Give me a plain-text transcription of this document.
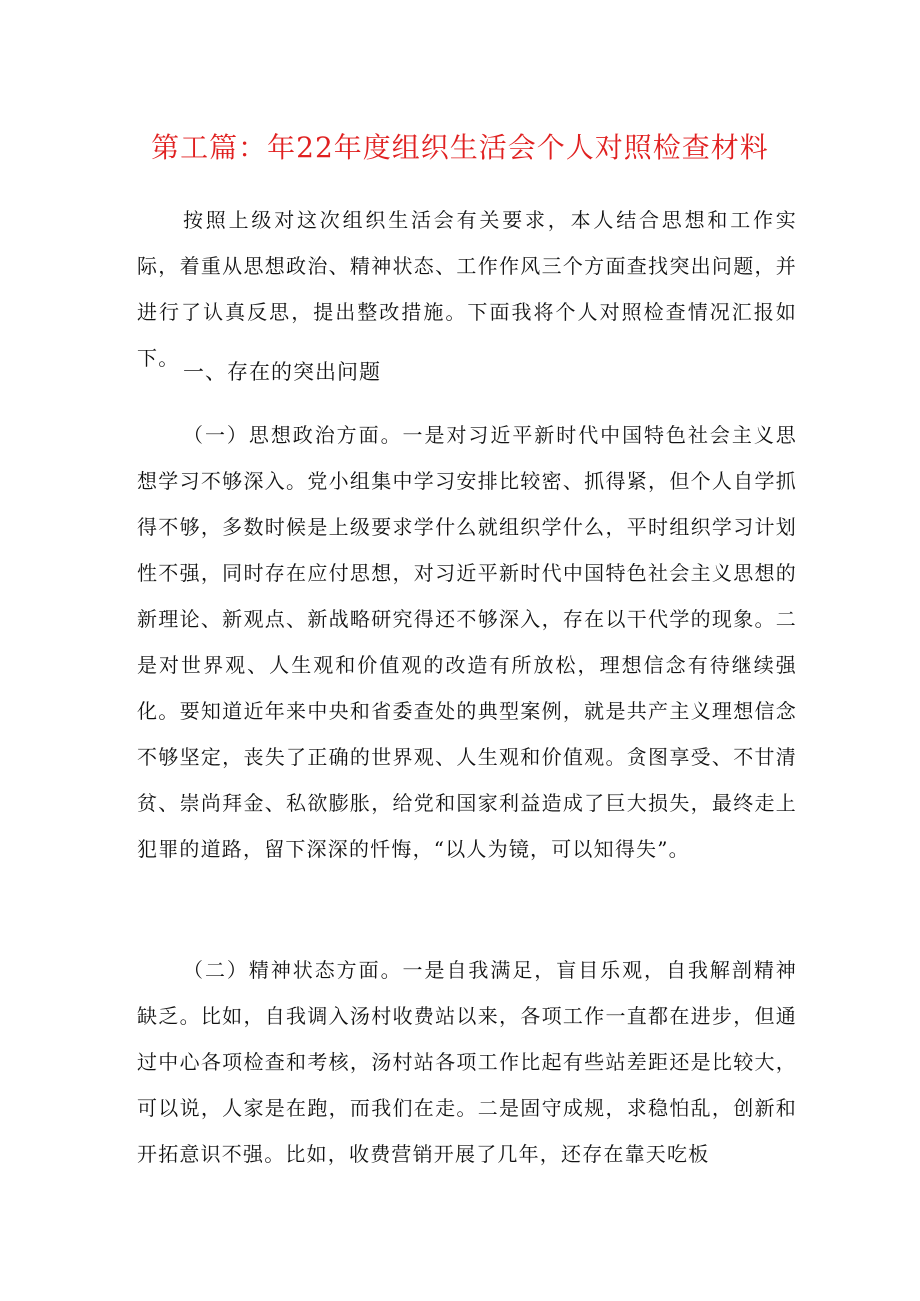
第工篇：年22年度组织生活会个人对照检查材料

按照上级对这次组织生活会有关要求，本人结合思想和工作实际，着重从思想政治、精神状态、工作作风三个方面查找突出问题，并进行了认真反思，提出整改措施。下面我将个人对照检查情况汇报如下。

一、存在的突出问题

（一）思想政治方面。一是对习近平新时代中国特色社会主义思想学习不够深入。党小组集中学习安排比较密、抓得紧，但个人自学抓得不够，多数时候是上级要求学什么就组织学什么，平时组织学习计划性不强，同时存在应付思想，对习近平新时代中国特色社会主义思想的新理论、新观点、新战略研究得还不够深入，存在以干代学的现象。二是对世界观、人生观和价值观的改造有所放松，理想信念有待继续强化。要知道近年来中央和省委查处的典型案例，就是共产主义理想信念不够坚定，丧失了正确的世界观、人生观和价值观。贪图享受、不甘清贫、崇尚拜金、私欲膨胀，给党和国家利益造成了巨大损失，最终走上犯罪的道路，留下深深的忏悔，“以人为镜，可以知得失”。

（二）精神状态方面。一是自我满足，盲目乐观，自我解剖精神缺乏。比如，自我调入汤村收费站以来，各项工作一直都在进步，但通过中心各项检查和考核，汤村站各项工作比起有些站差距还是比较大，可以说，人家是在跑，而我们在走。二是固守成规，求稳怕乱，创新和开拓意识不强。比如，收费营销开展了几年，还存在靠天吃板
